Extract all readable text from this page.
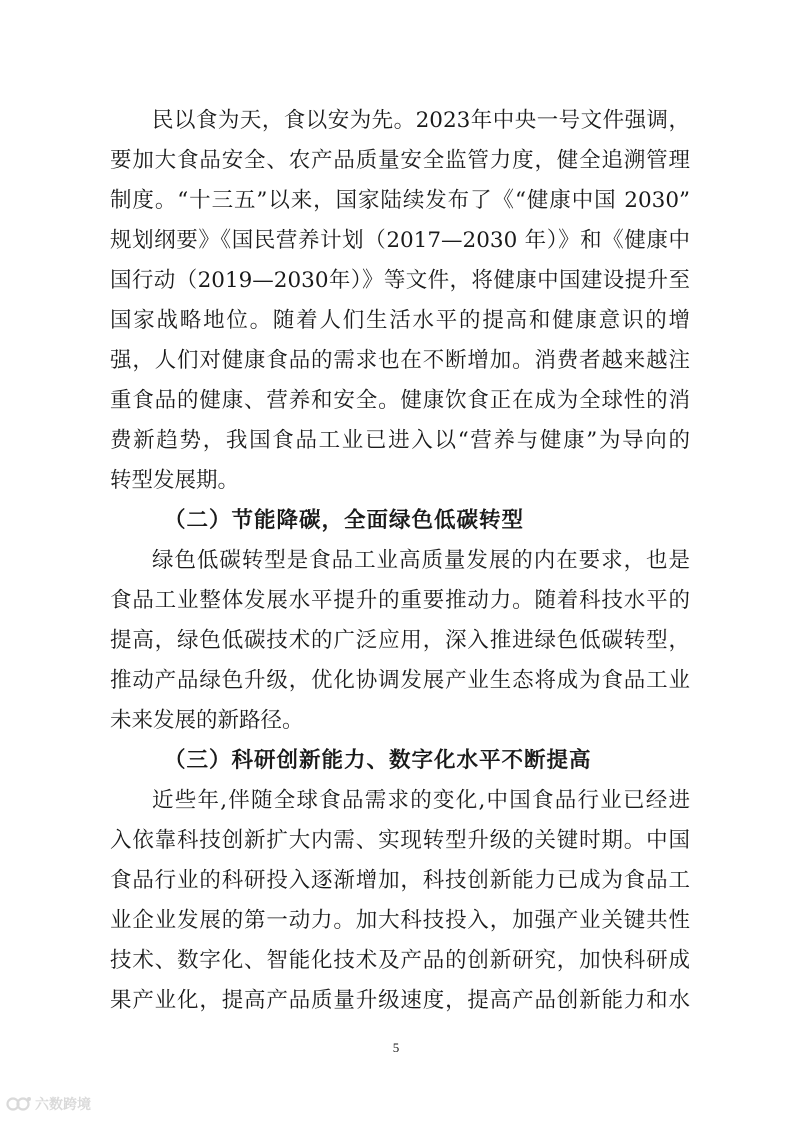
民以食为天，食以安为先。2023年中央一号文件强调，
要加大食品安全、农产品质量安全监管力度，健全追溯管理
制度。“十三五”以来，国家陆续发布了《“健康中国 2030”
规划纲要》《国民营养计划（2017—2030 年）》和《健康中
国行动（2019—2030年）》等文件，将健康中国建设提升至
国家战略地位。随着人们生活水平的提高和健康意识的增
强，人们对健康食品的需求也在不断增加。消费者越来越注
重食品的健康、营养和安全。健康饮食正在成为全球性的消
费新趋势，我国食品工业已进入以“营养与健康”为导向的
转型发展期。
（二）节能降碳，全面绿色低碳转型
绿色低碳转型是食品工业高质量发展的内在要求，也是
食品工业整体发展水平提升的重要推动力。随着科技水平的
提高，绿色低碳技术的广泛应用，深入推进绿色低碳转型，
推动产品绿色升级，优化协调发展产业生态将成为食品工业
未来发展的新路径。
（三）科研创新能力、数字化水平不断提高
近些年,伴随全球食品需求的变化,中国食品行业已经进
入依靠科技创新扩大内需、实现转型升级的关键时期。中国
食品行业的科研投入逐渐增加，科技创新能力已成为食品工
业企业发展的第一动力。加大科技投入，加强产业关键共性
技术、数字化、智能化技术及产品的创新研究，加快科研成
果产业化，提高产品质量升级速度，提高产品创新能力和水
5
六数跨境
